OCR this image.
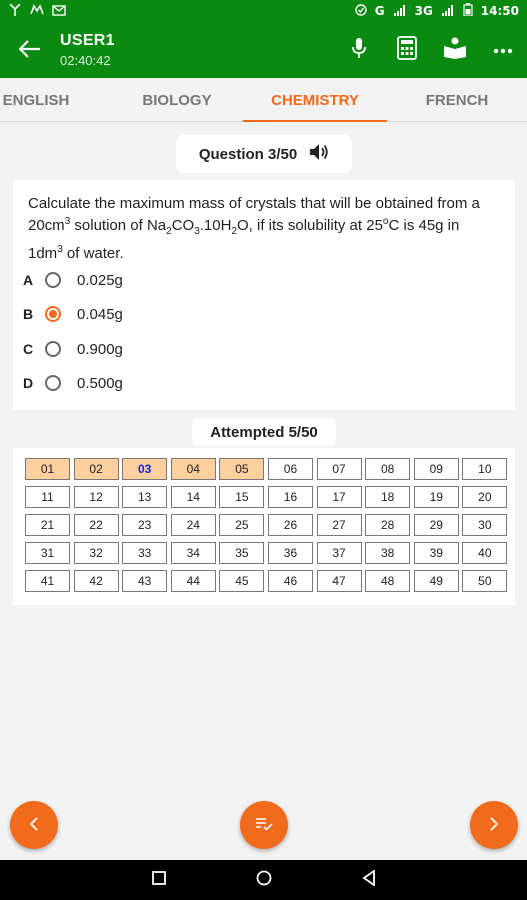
G	3G	14:50
USER1
02:40:42
ENGLISH	BIOLOGY	CHEMISTRY	FRENCH
Question 3/50
Calculate the maximum mass of crystals that will be obtained from a $20cm^3$ solution of $Na_2CO_3.10H_2O$, if its solubility at 25$^o$C is 45g in $1dm^3$ of water.
A	0.025g
B	0.045g
C	0.900g
D	0.500g
Attempted 5/50
01	02	03	04	05	06	07	08	09	10
11	12	13	14	15	16	17	18	19	20
21	22	23	24	25	26	27	28	29	30
31	32	33	34	35	36	37	38	39	40
41	42	43	44	45	46	47	48	49	50
